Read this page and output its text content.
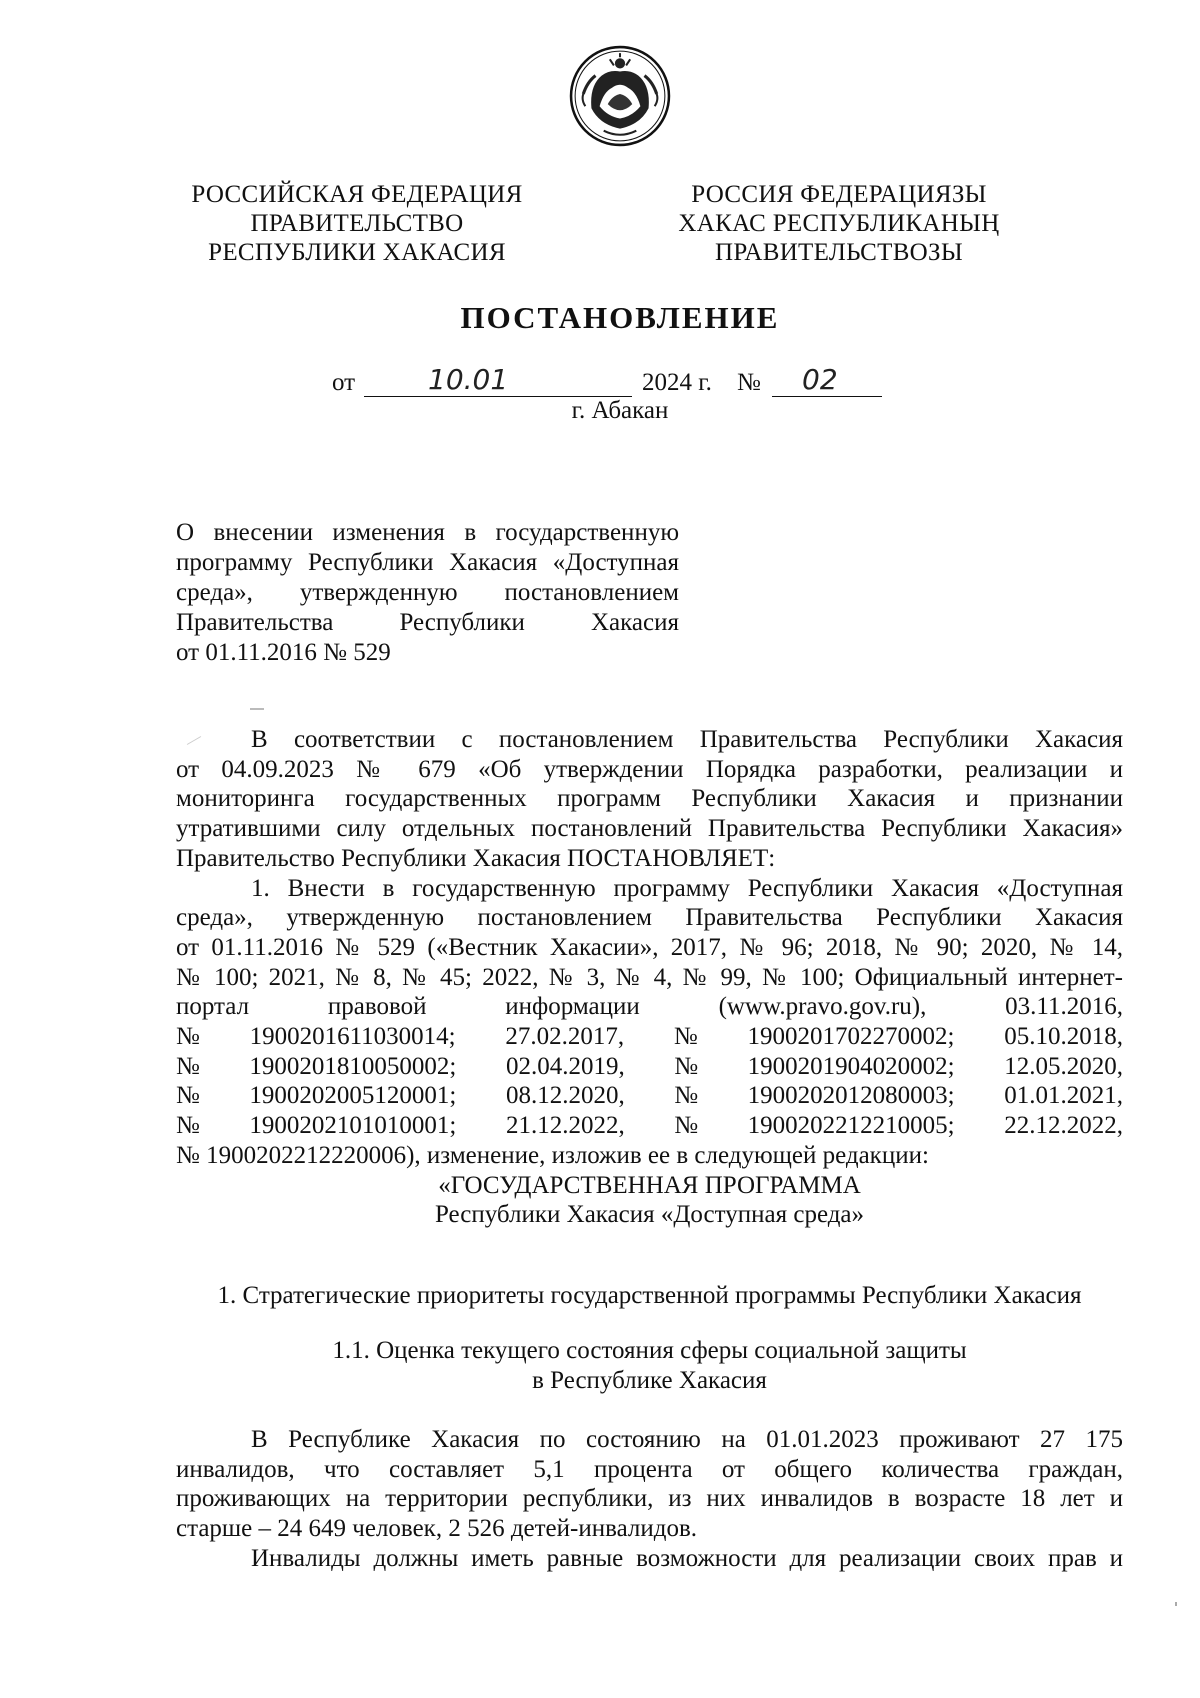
РОССИЙСКАЯ ФЕДЕРАЦИЯ
ПРАВИТЕЛЬСТВО
РЕСПУБЛИКИ ХАКАСИЯ
РОССИЯ ФЕДЕРАЦИЯЗЫ
ХАКАС РЕСПУБЛИКАНЫҢ
ПРАВИТЕЛЬСТВОЗЫ
ПОСТАНОВЛЕНИЕ
от	10.01	2024 г. № 02
г. Абакан
О внесении изменения в государственную
программу Республики Хакасия «Доступная
среда», утвержденную постановлением
Правительства Республики Хакасия
от 01.11.2016 № 529
В соответствии с постановлением Правительства Республики Хакасия
от 04.09.2023 № 679 «Об утверждении Порядка разработки, реализации и
мониторинга государственных программ Республики Хакасия и признании
утратившими силу отдельных постановлений Правительства Республики Хакасия»
Правительство Республики Хакасия ПОСТАНОВЛЯЕТ:
1. Внести в государственную программу Республики Хакасия «Доступная
среда», утвержденную постановлением Правительства Республики Хакасия
от 01.11.2016 № 529 («Вестник Хакасии», 2017, № 96; 2018, № 90; 2020, № 14,
№ 100; 2021, № 8, № 45; 2022, № 3, № 4, № 99, № 100; Официальный интернет-
портал	правовой	информации	(www.pravo.gov.ru),	03.11.2016,
№ 1900201611030014; 27.02.2017, № 1900201702270002; 05.10.2018,
№ 1900201810050002; 02.04.2019, № 1900201904020002; 12.05.2020,
№ 1900202005120001; 08.12.2020, № 1900202012080003; 01.01.2021,
№ 1900202101010001; 21.12.2022, № 1900202212210005; 22.12.2022,
№ 1900202212220006), изменение, изложив ее в следующей редакции:
«ГОСУДАРСТВЕННАЯ ПРОГРАММА
Республики Хакасия «Доступная среда»
1. Стратегические приоритеты государственной программы Республики Хакасия
1.1. Оценка текущего состояния сферы социальной защиты
в Республике Хакасия
В Республике Хакасия по состоянию на 01.01.2023 проживают 27 175
инвалидов, что составляет 5,1 процента от общего количества граждан,
проживающих на территории республики, из них инвалидов в возрасте 18 лет и
старше – 24 649 человек, 2 526 детей-инвалидов.
Инвалиды должны иметь равные возможности для реализации своих прав и
